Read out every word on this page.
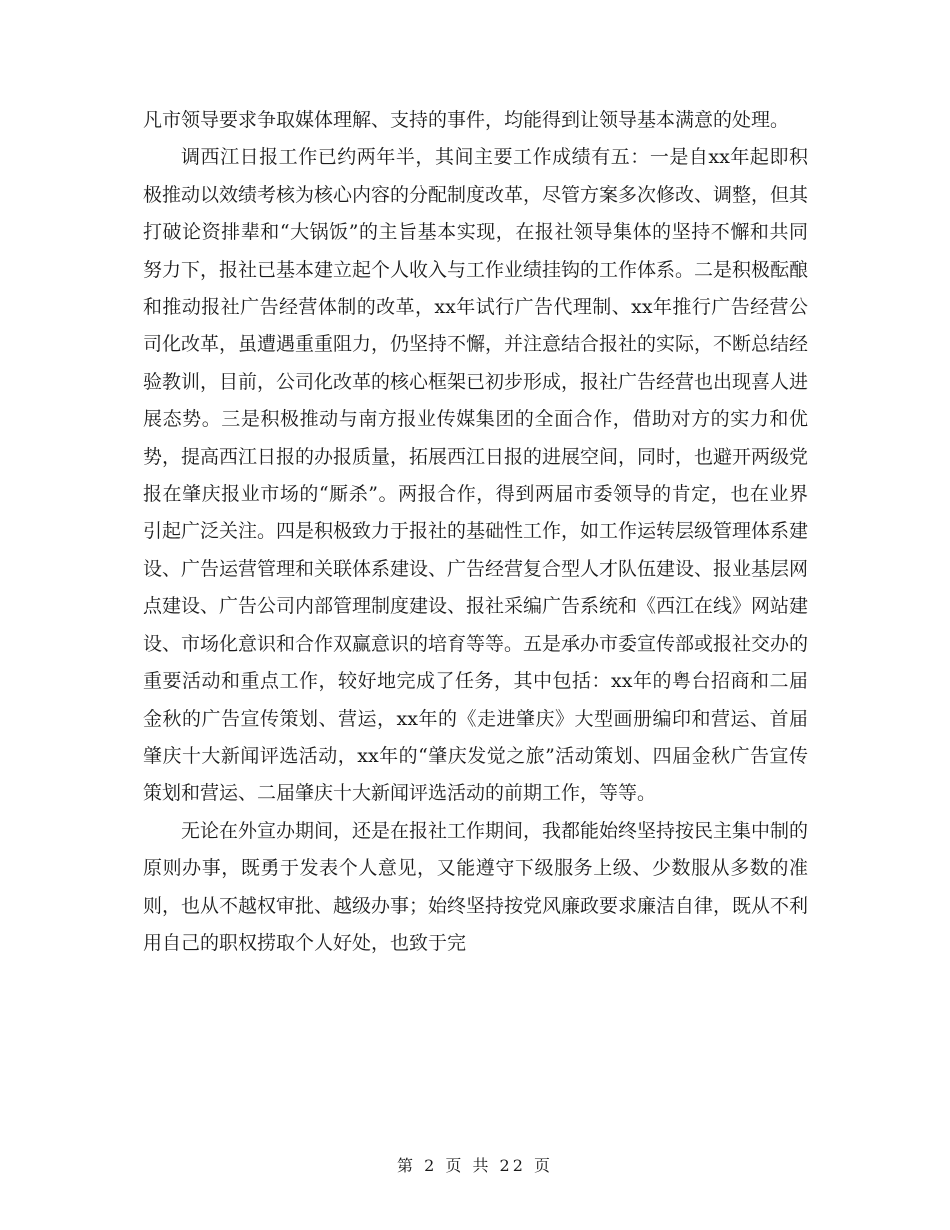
凡市领导要求争取媒体理解、支持的事件，均能得到让领导基本满意的处理。

调西江日报工作已约两年半，其间主要工作成绩有五：一是自xx年起即积极推动以效绩考核为核心内容的分配制度改革，尽管方案多次修改、调整，但其打破论资排辈和“大锅饭”的主旨基本实现，在报社领导集体的坚持不懈和共同努力下，报社已基本建立起个人收入与工作业绩挂钩的工作体系。二是积极酝酿和推动报社广告经营体制的改革，xx年试行广告代理制、xx年推行广告经营公司化改革，虽遭遇重重阻力，仍坚持不懈，并注意结合报社的实际，不断总结经验教训，目前，公司化改革的核心框架已初步形成，报社广告经营也出现喜人进展态势。三是积极推动与南方报业传媒集团的全面合作，借助对方的实力和优势，提高西江日报的办报质量，拓展西江日报的进展空间，同时，也避开两级党报在肇庆报业市场的“厮杀”。两报合作，得到两届市委领导的肯定，也在业界引起广泛关注。四是积极致力于报社的基础性工作，如工作运转层级管理体系建设、广告运营管理和关联体系建设、广告经营复合型人才队伍建设、报业基层网点建设、广告公司内部管理制度建设、报社采编广告系统和《西江在线》网站建设、市场化意识和合作双赢意识的培育等等。五是承办市委宣传部或报社交办的重要活动和重点工作，较好地完成了任务，其中包括：xx年的粤台招商和二届金秋的广告宣传策划、营运，xx年的《走进肇庆》大型画册编印和营运、首届肇庆十大新闻评选活动，xx年的“肇庆发觉之旅”活动策划、四届金秋广告宣传策划和营运、二届肇庆十大新闻评选活动的前期工作，等等。

无论在外宣办期间，还是在报社工作期间，我都能始终坚持按民主集中制的原则办事，既勇于发表个人意见，又能遵守下级服务上级、少数服从多数的准则，也从不越权审批、越级办事；始终坚持按党风廉政要求廉洁自律，既从不利用自己的职权捞取个人好处，也致于完

第 2 页 共 22 页
